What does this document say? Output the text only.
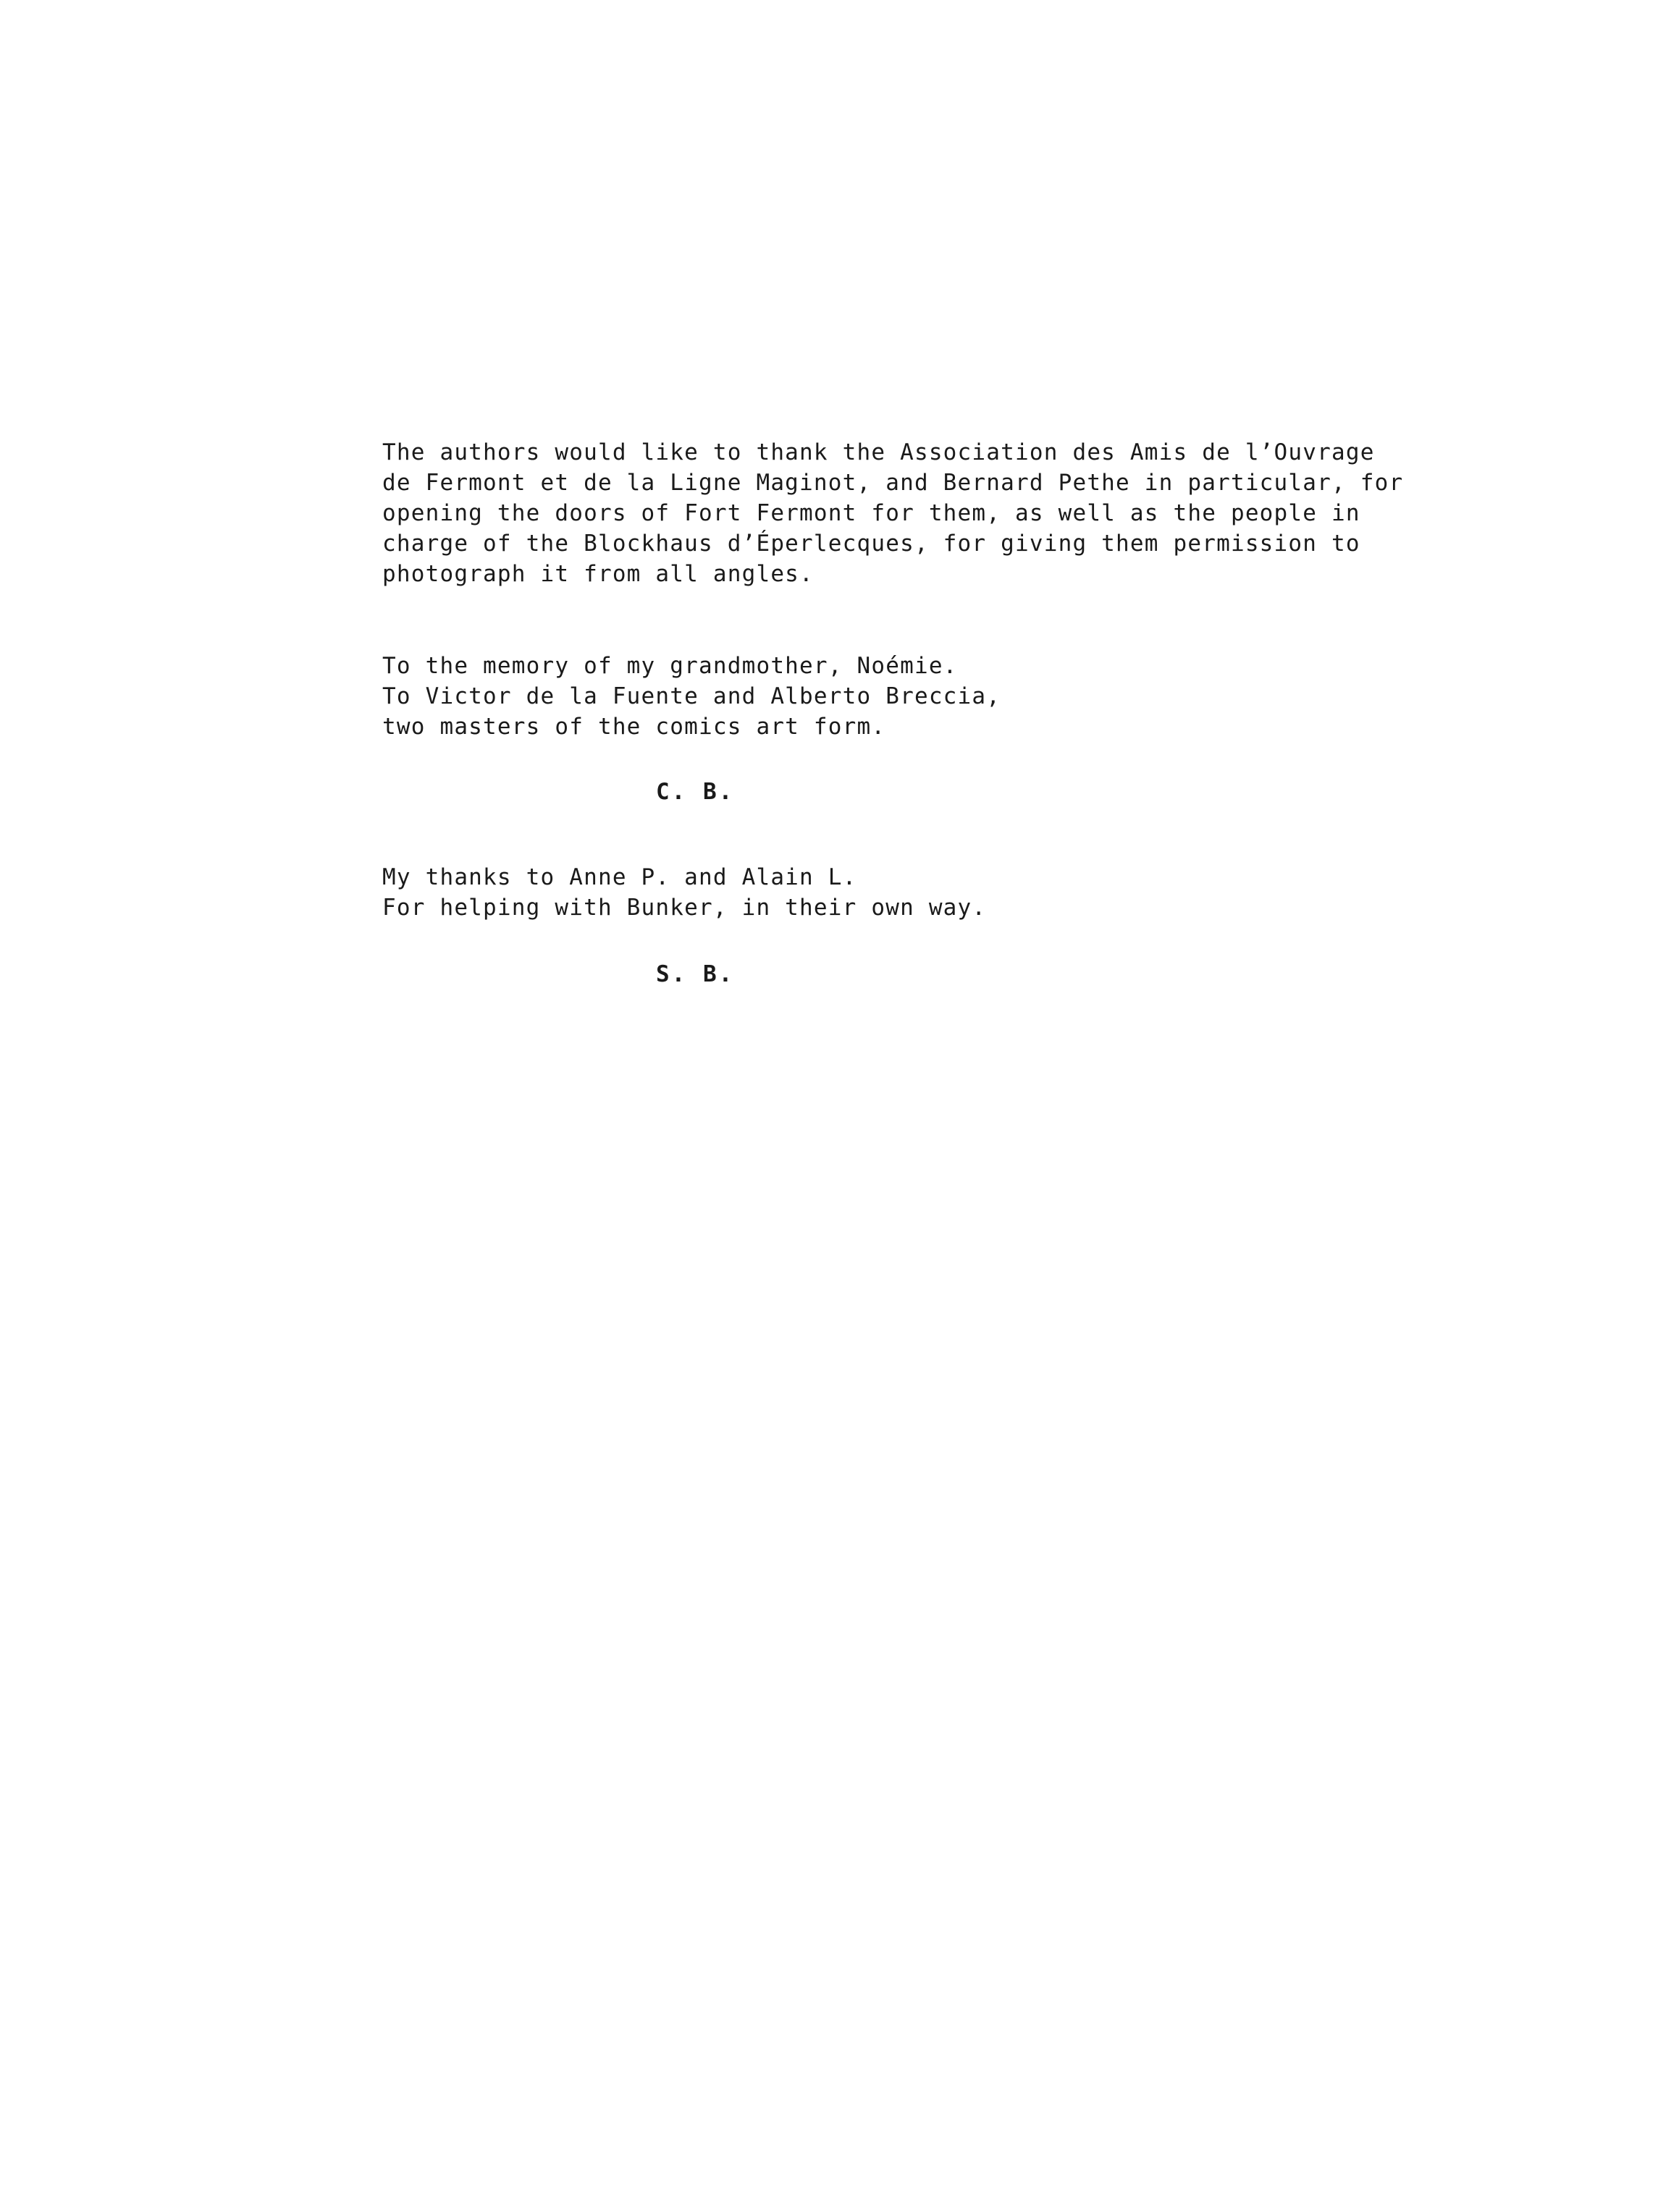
The authors would like to thank the Association des Amis de l’Ouvrage
de Fermont et de la Ligne Maginot, and Bernard Pethe in particular, for
opening the doors of Fort Fermont for them, as well as the people in
charge of the Blockhaus d’Éperlecques, for giving them permission to
photograph it from all angles.
To the memory of my grandmother, Noémie.
To Victor de la Fuente and Alberto Breccia,
two masters of the comics art form.
C. B.
My thanks to Anne P. and Alain L.
For helping with Bunker, in their own way.
S. B.
